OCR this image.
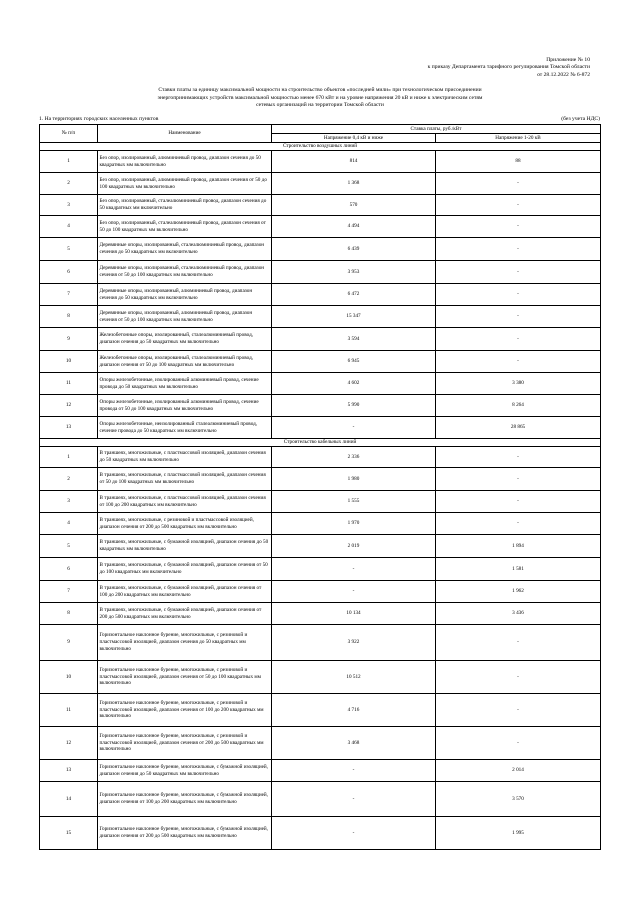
Приложение № 10
к приказу Департамента тарифного регулирования Томской области
от 28.12.2022 № 6-872
Ставки платы за единицу максимальной мощности на строительство объектов «последней мили» при технологическом присоединении
энергопринимающих устройств максимальной мощностью менее 670 кВт и на уровне напряжения 20 кВ и ниже к электрическим сетям
сетевых организаций на территории Томской области
1. На территориях городских населенных пунктов	(без учета НДС)
№ п/п	Наименование	Ставка платы, руб./кВт	
		Напряжение 0,4 кВ и ниже	Напряжение 1-20 кВ
Строительство воздушных линий			
1	Без опор, изолированный, алюминиевый провод, диапазон сечения до 50 квадратных мм включительно	814	88
2	Без опор, изолированный, алюминиевый провод, диапазон сечения от 50 до 100 квадратных мм включительно	1 368	-
3	Без опор, изолированный, сталеалюминиевый провод, диапазон сечения до 50 квадратных мм включительно	570	-
4	Без опор, изолированный, сталеалюминиевый провод, диапазон сечения от 50 до 100 квадратных мм включительно	4 494	-
5	Деревянные опоры, изолированный, сталеалюминиевый провод, диапазон сечения до 50 квадратных мм включительно	6 439	-
6	Деревянные опоры, изолированный, сталеалюминиевый провод, диапазон сечения от 50 до 100 квадратных мм включительно	3 953	-
7	Деревянные опоры, изолированный, алюминиевый провод, диапазон сечения до 50 квадратных мм включительно	6 472	-
8	Деревянные опоры, изолированный, алюминиевый провод, диапазон сечения от 50 до 100 квадратных мм включительно	15 347	-
9	Железобетонные опоры, изолированный, сталеалюминиевый провод, диапазон сечения до 50 квадратных мм включительно	3 594	-
10	Железобетонные опоры, изолированный, сталеалюминиевый провод, диапазон сечения от 50 до 100 квадратных мм включительно	6 945	-
11	Опоры железобетонные, изолированный алюминиевый провод, сечение провода до 50 квадратных мм включительно	4 602	3 380
12	Опоры железобетонные, изолированный алюминиевый провод, сечение провода от 50 до 100 квадратных мм включительно	5 990	8 264
13	Опоры железобетонные, неизолированный сталеалюминиевый провод, сечение провода до 50 квадратных мм включительно	-	28 865
Строительство кабельных линий			
1	В траншеях, многожильные, с пластмассовой изоляцией, диапазон сечения до 50 квадратных мм включительно	2 336	-
2	В траншеях, многожильные, с пластмассовой изоляцией, диапазон сечения от 50 до 100 квадратных мм включительно	1 980	-
3	В траншеях, многожильные, с пластмассовой изоляцией, диапазон сечения от 100 до 200 квадратных мм включительно	1 555	-
4	В траншеях, многожильные, с резиновой и пластмассовой изоляцией, диапазон сечения от 200 до 500 квадратных мм включительно	1 970	-
5	В траншеях, многожильные, с бумажной изоляцией, диапазон сечения до 50 квадратных мм включительно	2 019	1 894
6	В траншеях, многожильные, с бумажной изоляцией, диапазон сечения от 50 до 100 квадратных мм включительно	-	1 581
7	В траншеях, многожильные, с бумажной изоляцией, диапазон сечения от 100 до 200 квадратных мм включительно	-	1 962
8	В траншеях, многожильные, с бумажной изоляцией, диапазон сечения от 200 до 500 квадратных мм включительно	10 134	3 436
9	Горизонтальное наклонное бурение, многожильные, с резиновой и пластмассовой изоляцией, диапазон сечения до 50 квадратных мм включительно	3 922	-
10	Горизонтальное наклонное бурение, многожильные, с резиновой и пластмассовой изоляцией, диапазон сечения от 50 до 100 квадратных мм включительно	10 512	-
11	Горизонтальное наклонное бурение, многожильные, с резиновой и пластмассовой изоляцией, диапазон сечения от 100 до 200 квадратных мм включительно	4 716	-
12	Горизонтальное наклонное бурение, многожильные, с резиновой и пластмассовой изоляцией, диапазон сечения от 200 до 500 квадратных мм включительно	3 468	-
13	Горизонтальное наклонное бурение, многожильные, с бумажной изоляцией, диапазон сечения до 50 квадратных мм включительно	-	2 014
14	Горизонтальное наклонное бурение, многожильные, с бумажной изоляцией, диапазон сечения от 100 до 200 квадратных мм включительно	-	3 570
15	Горизонтальное наклонное бурение, многожильные, с бумажной изоляцией, диапазон сечения от 200 до 500 квадратных мм включительно	-	1 995
